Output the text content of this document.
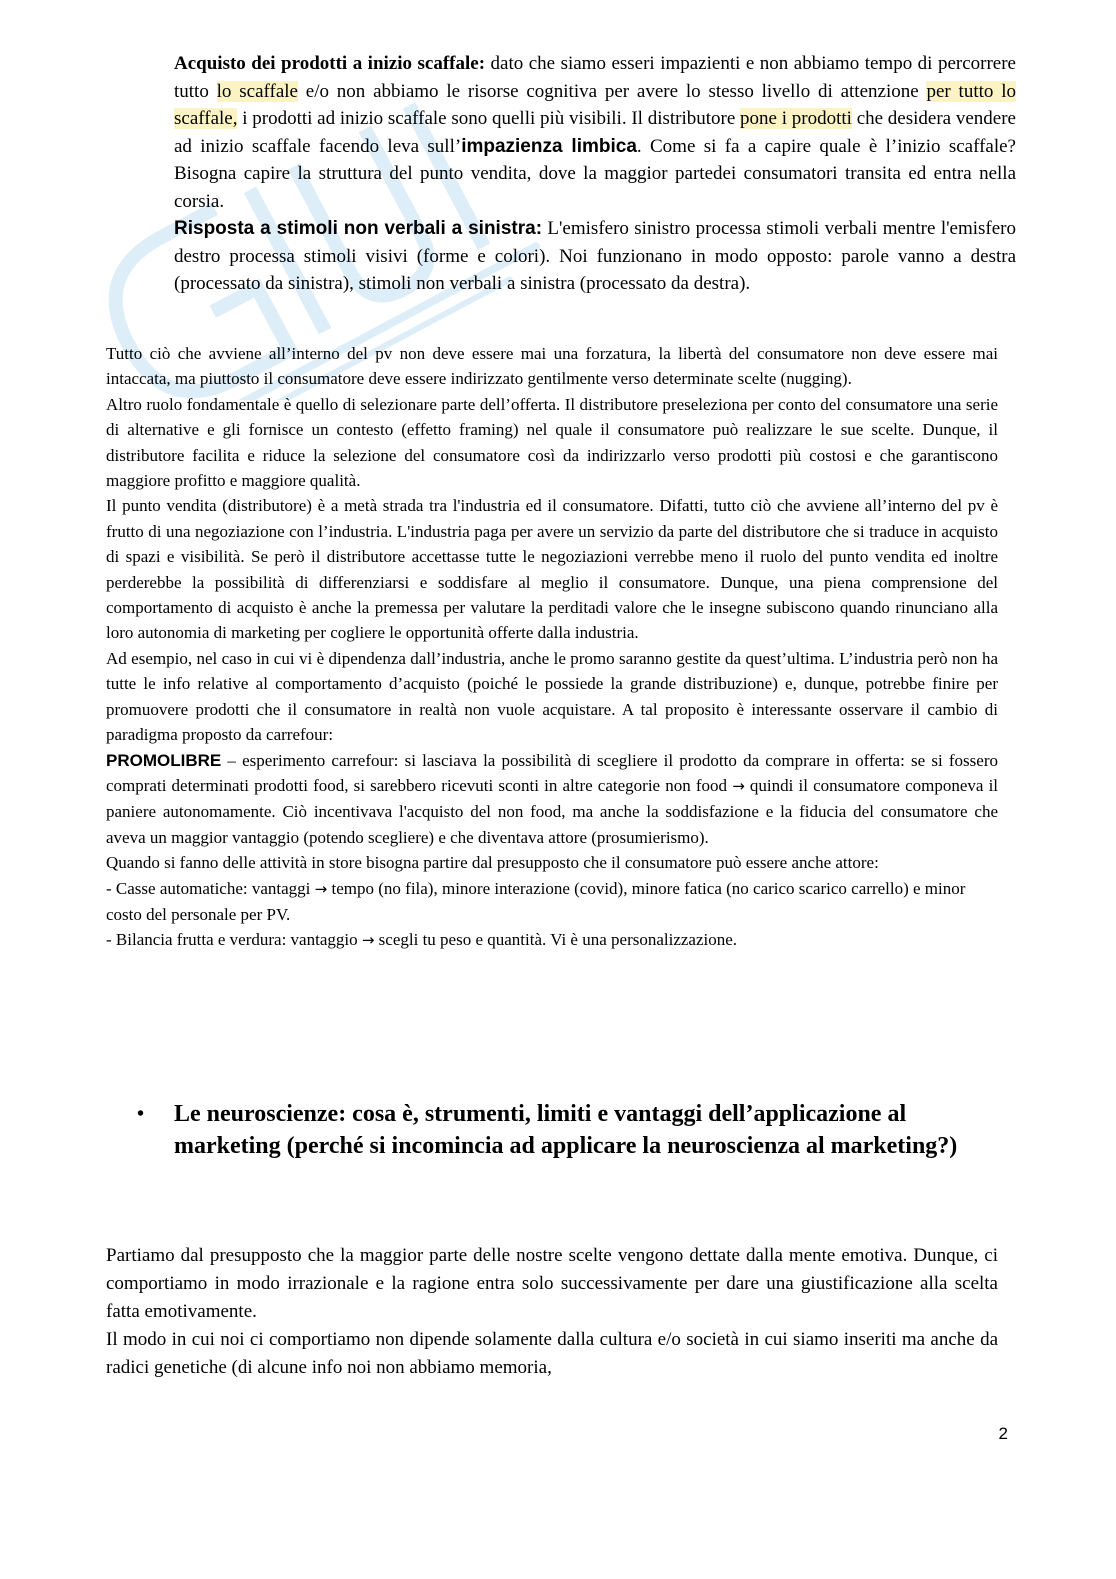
Acquisto dei prodotti a inizio scaffale: dato che siamo esseri impazienti e non abbiamo tempo di percorrere tutto lo scaffale e/o non abbiamo le risorse cognitiva per avere lo stesso livello di attenzione per tutto lo scaffale, i prodotti ad inizio scaffale sono quelli più visibili. Il distributore pone i prodotti che desidera vendere ad inizio scaffale facendo leva sull’impazienza limbica. Come si fa a capire quale è l’inizio scaffale? Bisogna capire la struttura del punto vendita, dove la maggior partedei consumatori transita ed entra nella corsia.

Risposta a stimoli non verbali a sinistra: L'emisfero sinistro processa stimoli verbali mentre l'emisfero destro processa stimoli visivi (forme e colori). Noi funzionano in modo opposto: parole vanno a destra (processato da sinistra), stimoli non verbali a sinistra (processato da destra).

Tutto ciò che avviene all’interno del pv non deve essere mai una forzatura, la libertà del consumatore non deve essere mai intaccata, ma piuttosto il consumatore deve essere indirizzato gentilmente verso determinate scelte (nugging).

Altro ruolo fondamentale è quello di selezionare parte dell’offerta. Il distributore preseleziona per conto del consumatore una serie di alternative e gli fornisce un contesto (effetto framing) nel quale il consumatore può realizzare le sue scelte. Dunque, il distributore facilita e riduce la selezione del consumatore così da indirizzarlo verso prodotti più costosi e che garantiscono maggiore profitto e maggiore qualità.

Il punto vendita (distributore) è a metà strada tra l'industria ed il consumatore. Difatti, tutto ciò che avviene all’interno del pv è frutto di una negoziazione con l’industria. L'industria paga per avere un servizio da parte del distributore che si traduce in acquisto di spazi e visibilità. Se però il distributore accettasse tutte le negoziazioni verrebbe meno il ruolo del punto vendita ed inoltre perderebbe la possibilità di differenziarsi e soddisfare al meglio il consumatore. Dunque, una piena comprensione del comportamento di acquisto è anche la premessa per valutare la perditadi valore che le insegne subiscono quando rinunciano alla loro autonomia di marketing per cogliere le opportunità offerte dalla industria.

Ad esempio, nel caso in cui vi è dipendenza dall’industria, anche le promo saranno gestite da quest’ultima. L’industria però non ha tutte le info relative al comportamento d’acquisto (poiché le possiede la grande distribuzione) e, dunque, potrebbe finire per promuovere prodotti che il consumatore in realtà non vuole acquistare. A tal proposito è interessante osservare il cambio di paradigma proposto da carrefour:

PROMOLIBRE – esperimento carrefour: si lasciava la possibilità di scegliere il prodotto da comprare in offerta: se si fossero comprati determinati prodotti food, si sarebbero ricevuti sconti in altre categorie non food → quindi il consumatore componeva il paniere autonomamente. Ciò incentivava l'acquisto del non food, ma anche la soddisfazione e la fiducia del consumatore che aveva un maggior vantaggio (potendo scegliere) e che diventava attore (prosumierismo).

Quando si fanno delle attività in store bisogna partire dal presupposto che il consumatore può essere anche attore:

- Casse automatiche: vantaggi → tempo (no fila), minore interazione (covid), minore fatica (no carico scarico carrello) e minor costo del personale per PV.

- Bilancia frutta e verdura: vantaggio → scegli tu peso e quantità. Vi è una personalizzazione.

•	Le neuroscienze: cosa è, strumenti, limiti e vantaggi dell’applicazione al marketing (perché si incomincia ad applicare la neuroscienza al marketing?)

Partiamo dal presupposto che la maggior parte delle nostre scelte vengono dettate dalla mente emotiva. Dunque, ci comportiamo in modo irrazionale e la ragione entra solo successivamente per dare una giustificazione alla scelta fatta emotivamente.

Il modo in cui noi ci comportiamo non dipende solamente dalla cultura e/o società in cui siamo inseriti ma anche da radici genetiche (di alcune info noi non abbiamo memoria,

2
